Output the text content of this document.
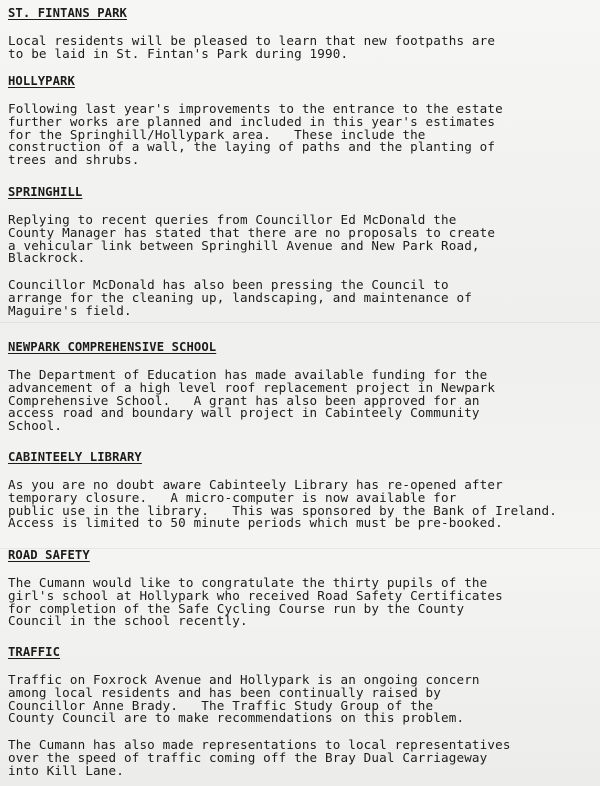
ST. FINTANS PARK

Local residents will be pleased to learn that new footpaths are
to be laid in St. Fintan's Park during 1990.

HOLLYPARK

Following last year's improvements to the entrance to the estate
further works are planned and included in this year's estimates
for the Springhill/Hollypark area.   These include the
construction of a wall, the laying of paths and the planting of
trees and shrubs.

SPRINGHILL

Replying to recent queries from Councillor Ed McDonald the
County Manager has stated that there are no proposals to create
a vehicular link between Springhill Avenue and New Park Road,
Blackrock.

Councillor McDonald has also been pressing the Council to
arrange for the cleaning up, landscaping, and maintenance of
Maguire's field.

NEWPARK COMPREHENSIVE SCHOOL

The Department of Education has made available funding for the
advancement of a high level roof replacement project in Newpark
Comprehensive School.   A grant has also been approved for an
access road and boundary wall project in Cabinteely Community
School.

CABINTEELY LIBRARY

As you are no doubt aware Cabinteely Library has re-opened after
temporary closure.   A micro-computer is now available for
public use in the library.   This was sponsored by the Bank of Ireland.
Access is limited to 50 minute periods which must be pre-booked.

ROAD SAFETY

The Cumann would like to congratulate the thirty pupils of the
girl's school at Hollypark who received Road Safety Certificates
for completion of the Safe Cycling Course run by the County
Council in the school recently.

TRAFFIC

Traffic on Foxrock Avenue and Hollypark is an ongoing concern
among local residents and has been continually raised by
Councillor Anne Brady.   The Traffic Study Group of the
County Council are to make recommendations on this problem.

The Cumann has also made representations to local representatives
over the speed of traffic coming off the Bray Dual Carriageway
into Kill Lane.
